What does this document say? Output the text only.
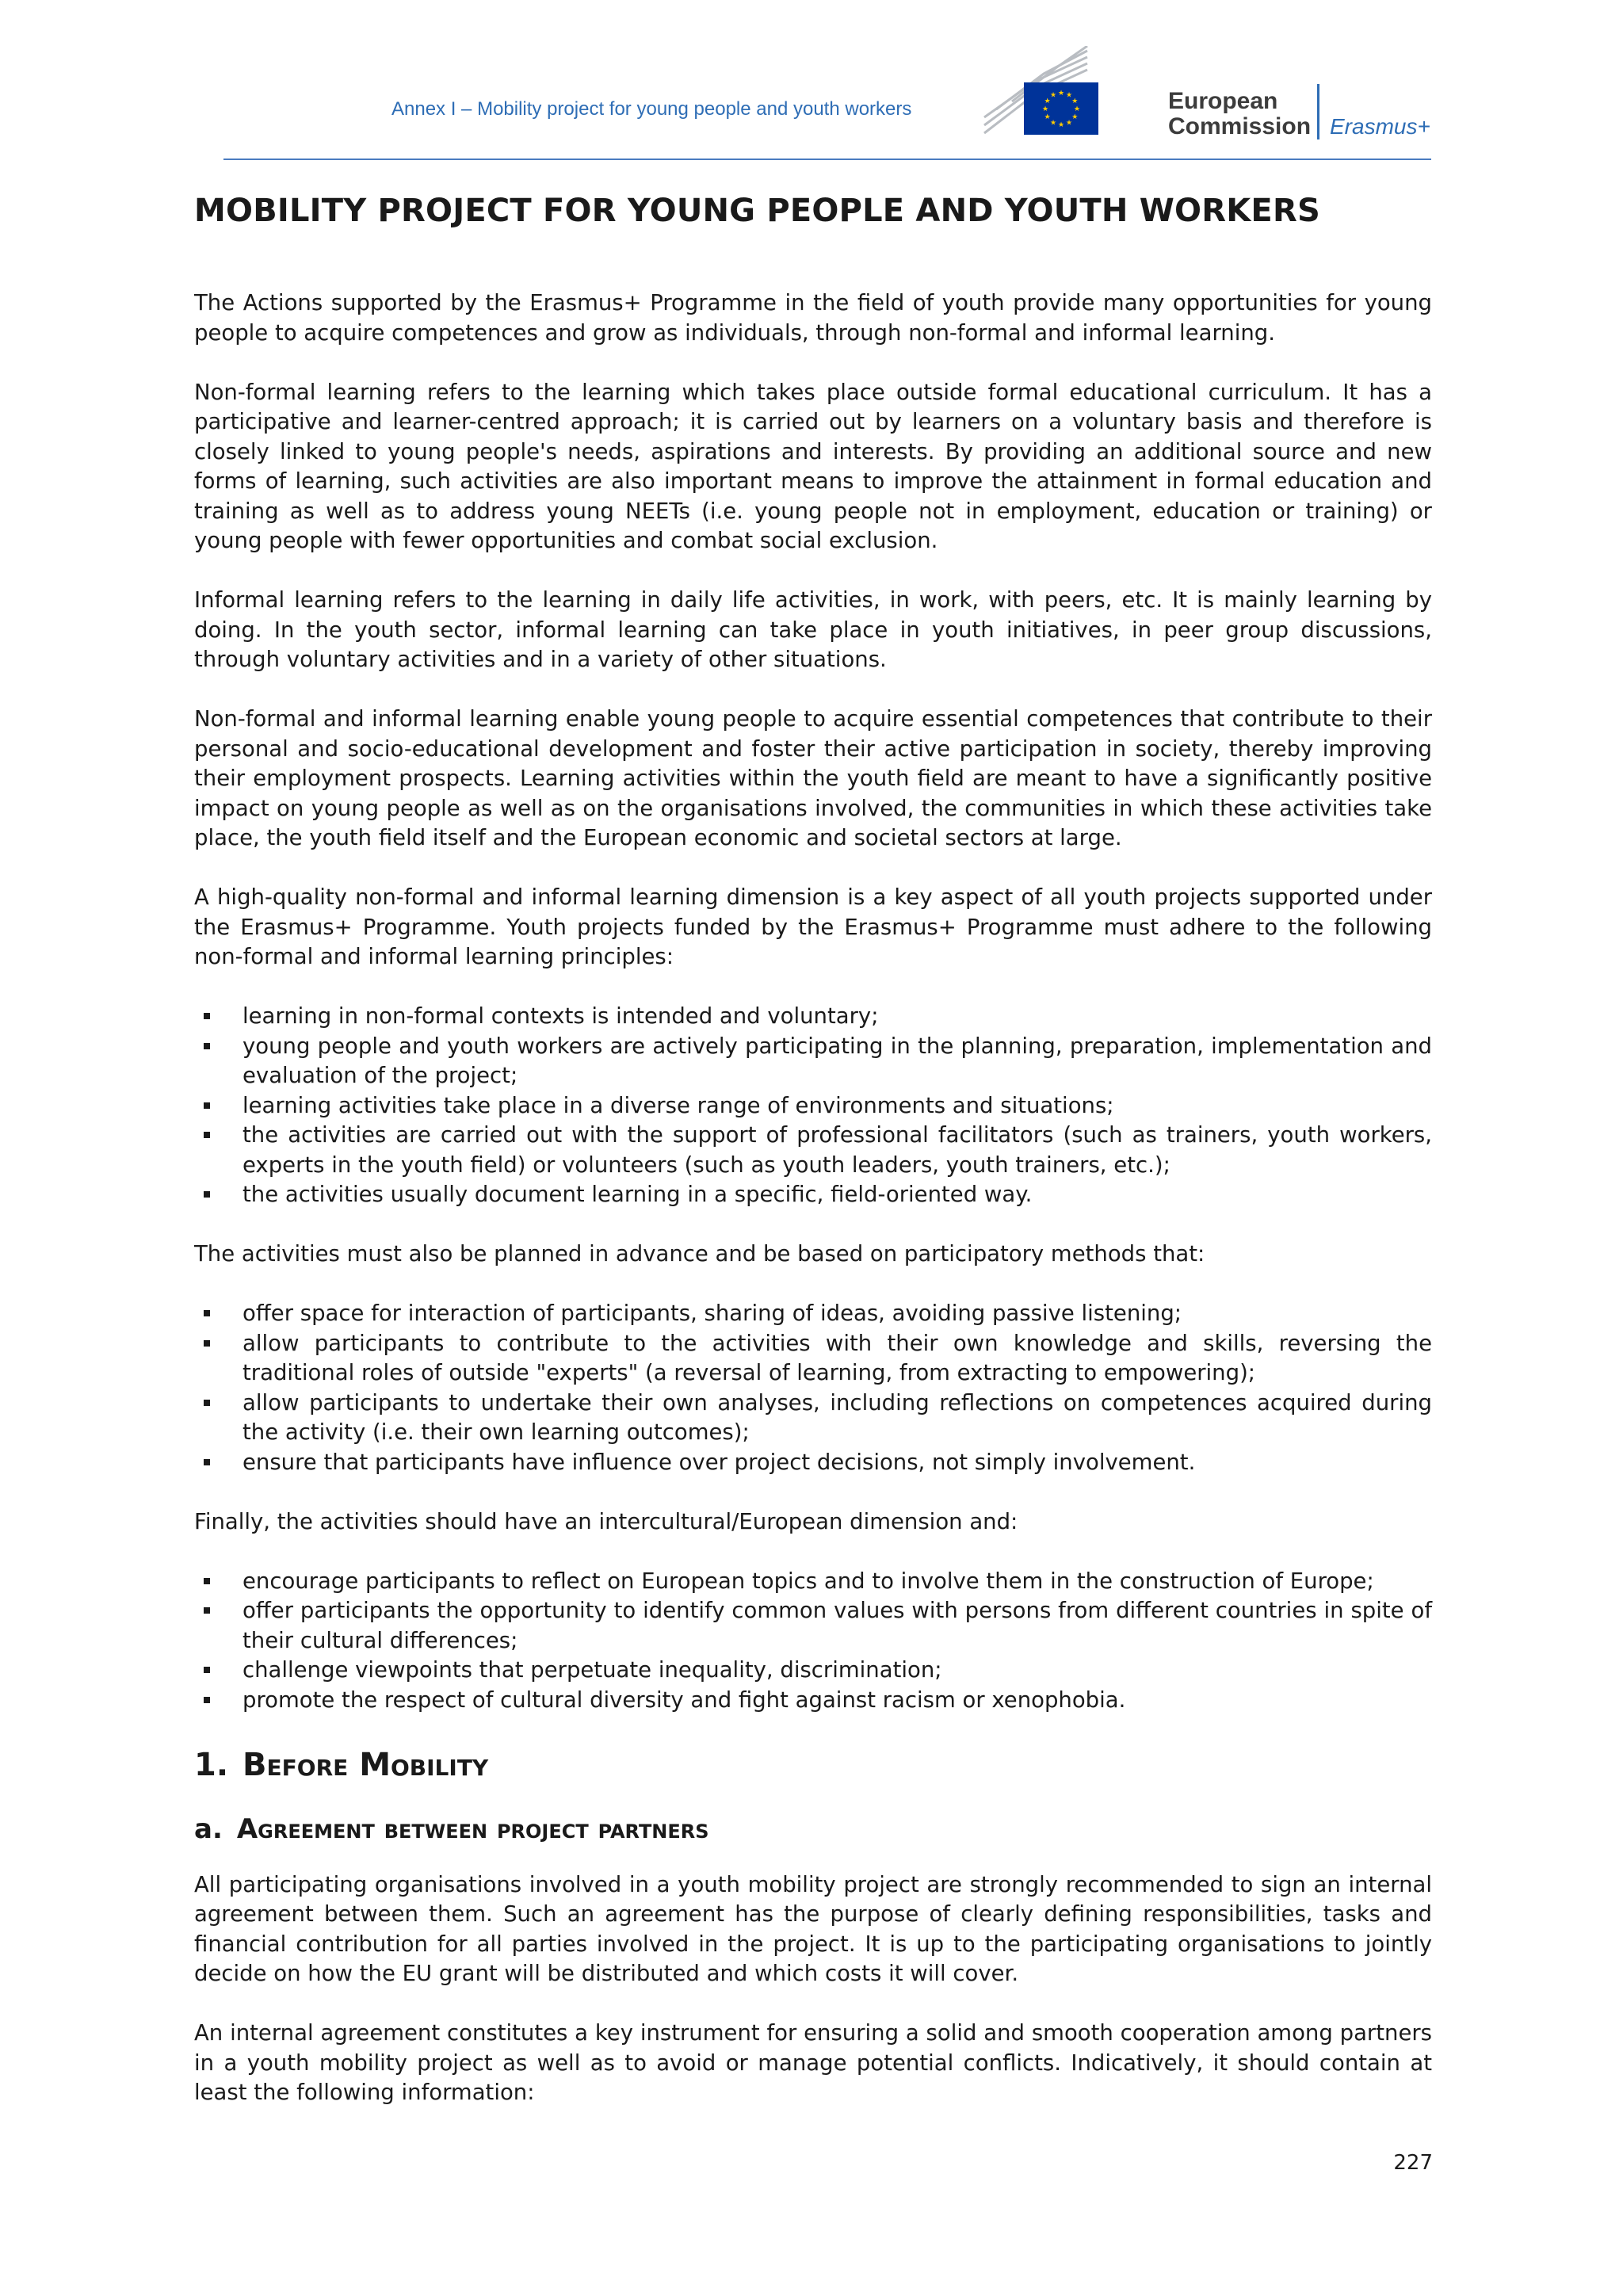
Annex I – Mobility project for young people and youth workers	★
★
★
★
★
★
★
★
★ ★ ★
★	European
Commission Erasmus+
MOBILITY PROJECT FOR YOUNG PEOPLE AND YOUTH WORKERS

The Actions supported by the Erasmus+ Programme in the field of youth provide many opportunities for young people to acquire competences and grow as individuals, through non-formal and informal learning.

Non-formal learning refers to the learning which takes place outside formal educational curriculum. It has a participative and learner-centred approach; it is carried out by learners on a voluntary basis and therefore is closely linked to young people's needs, aspirations and interests. By providing an additional source and new forms of learning, such activities are also important means to improve the attainment in formal education and training as well as to address young NEETs (i.e. young people not in employment, education or training) or young people with fewer opportunities and combat social exclusion.

Informal learning refers to the learning in daily life activities, in work, with peers, etc. It is mainly learning by doing. In the youth sector, informal learning can take place in youth initiatives, in peer group discussions, through voluntary activities and in a variety of other situations.

Non-formal and informal learning enable young people to acquire essential competences that contribute to their personal and socio-educational development and foster their active participation in society, thereby improving their employment prospects. Learning activities within the youth field are meant to have a significantly positive impact on young people as well as on the organisations involved, the communities in which these activities take place, the youth field itself and the European economic and societal sectors at large.

A high-quality non-formal and informal learning dimension is a key aspect of all youth projects supported under the Erasmus+ Programme. Youth projects funded by the Erasmus+ Programme must adhere to the following non-formal and informal learning principles:

learning in non-formal contexts is intended and voluntary;
young people and youth workers are actively participating in the planning, preparation, implementation and evaluation of the project;
learning activities take place in a diverse range of environments and situations;
the activities are carried out with the support of professional facilitators (such as trainers, youth workers, experts in the youth field) or volunteers (such as youth leaders, youth trainers, etc.);
the activities usually document learning in a specific, field-oriented way.

The activities must also be planned in advance and be based on participatory methods that:

offer space for interaction of participants, sharing of ideas, avoiding passive listening;
allow participants to contribute to the activities with their own knowledge and skills, reversing the traditional roles of outside "experts" (a reversal of learning, from extracting to empowering);
allow participants to undertake their own analyses, including reflections on competences acquired during the activity (i.e. their own learning outcomes);
ensure that participants have influence over project decisions, not simply involvement.

Finally, the activities should have an intercultural/European dimension and:

encourage participants to reflect on European topics and to involve them in the construction of Europe;
offer participants the opportunity to identify common values with persons from different countries in spite of their cultural differences;
challenge viewpoints that perpetuate inequality, discrimination;
promote the respect of cultural diversity and fight against racism or xenophobia.
1. Before Mobility
a. Agreement between project partners

All participating organisations involved in a youth mobility project are strongly recommended to sign an internal agreement between them. Such an agreement has the purpose of clearly defining responsibilities, tasks and financial contribution for all parties involved in the project. It is up to the participating organisations to jointly decide on how the EU grant will be distributed and which costs it will cover.

An internal agreement constitutes a key instrument for ensuring a solid and smooth cooperation among partners in a youth mobility project as well as to avoid or manage potential conflicts. Indicatively, it should contain at least the following information:

227
